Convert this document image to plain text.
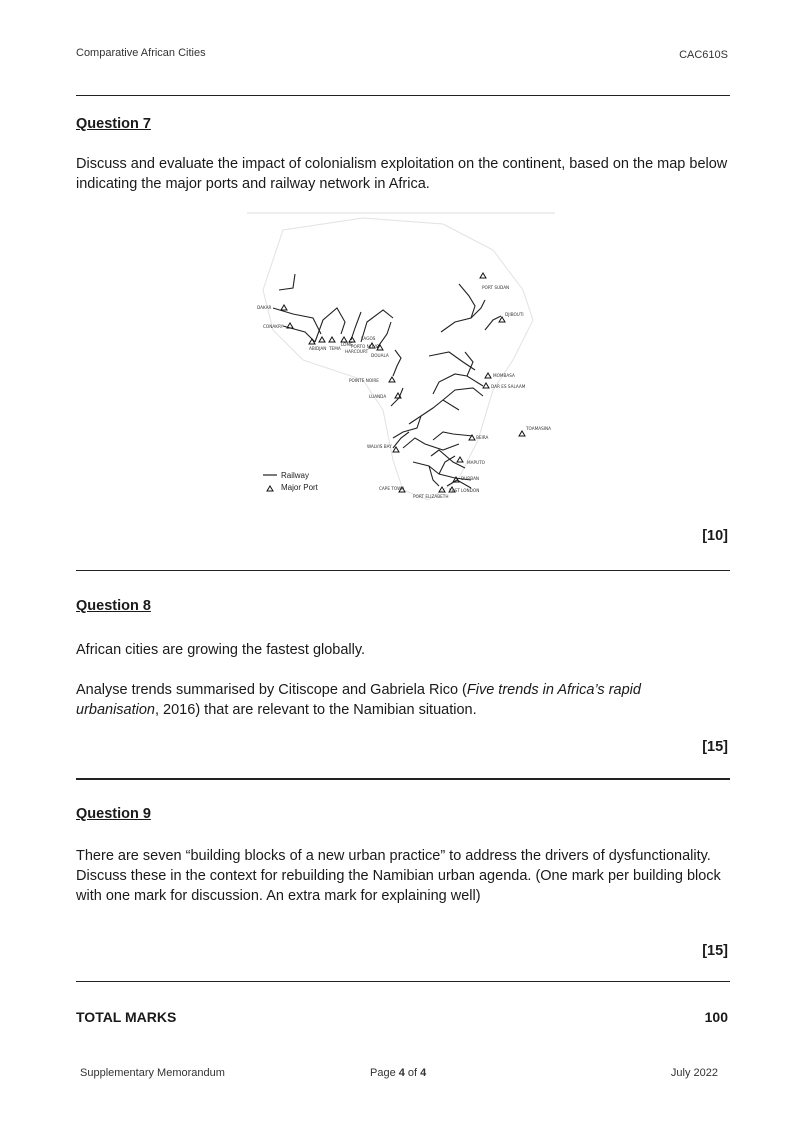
Comparative African Cities	CAC610S
Question 7
Discuss and evaluate the impact of colonialism exploitation on the continent, based on the map below indicating the major ports and railway network in Africa.
PORT SUDAN
DJIBOUTI
DAKAR
CONAKRY
ABIDJAN TEMA
LOME
PORTO NOVO
LAGOS
HARCOURT
DOUALA
POINTE NOIRE
LUANDA
MOMBASA
DAR ES SALAAM
TOAMASINA
BEIRA
WALVIS BAY
MAPUTO
DURBAN
CAPE TOWN	EAST LONDON
PORT ELIZABETH
Railway
Major Port
[10]
Question 8
African cities are growing the fastest globally.
Analyse trends summarised by Citiscope and Gabriela Rico (Five trends in Africa’s rapid urbanisation, 2016) that are relevant to the Namibian situation.
[15]
Question 9
There are seven “building blocks of a new urban practice” to address the drivers of dysfunctionality. Discuss these in the context for rebuilding the Namibian urban agenda. (One mark per building block with one mark for discussion. An extra mark for explaining well)
[15]
TOTAL MARKS	100
Supplementary Memorandum	Page 4 of 4	July 2022
